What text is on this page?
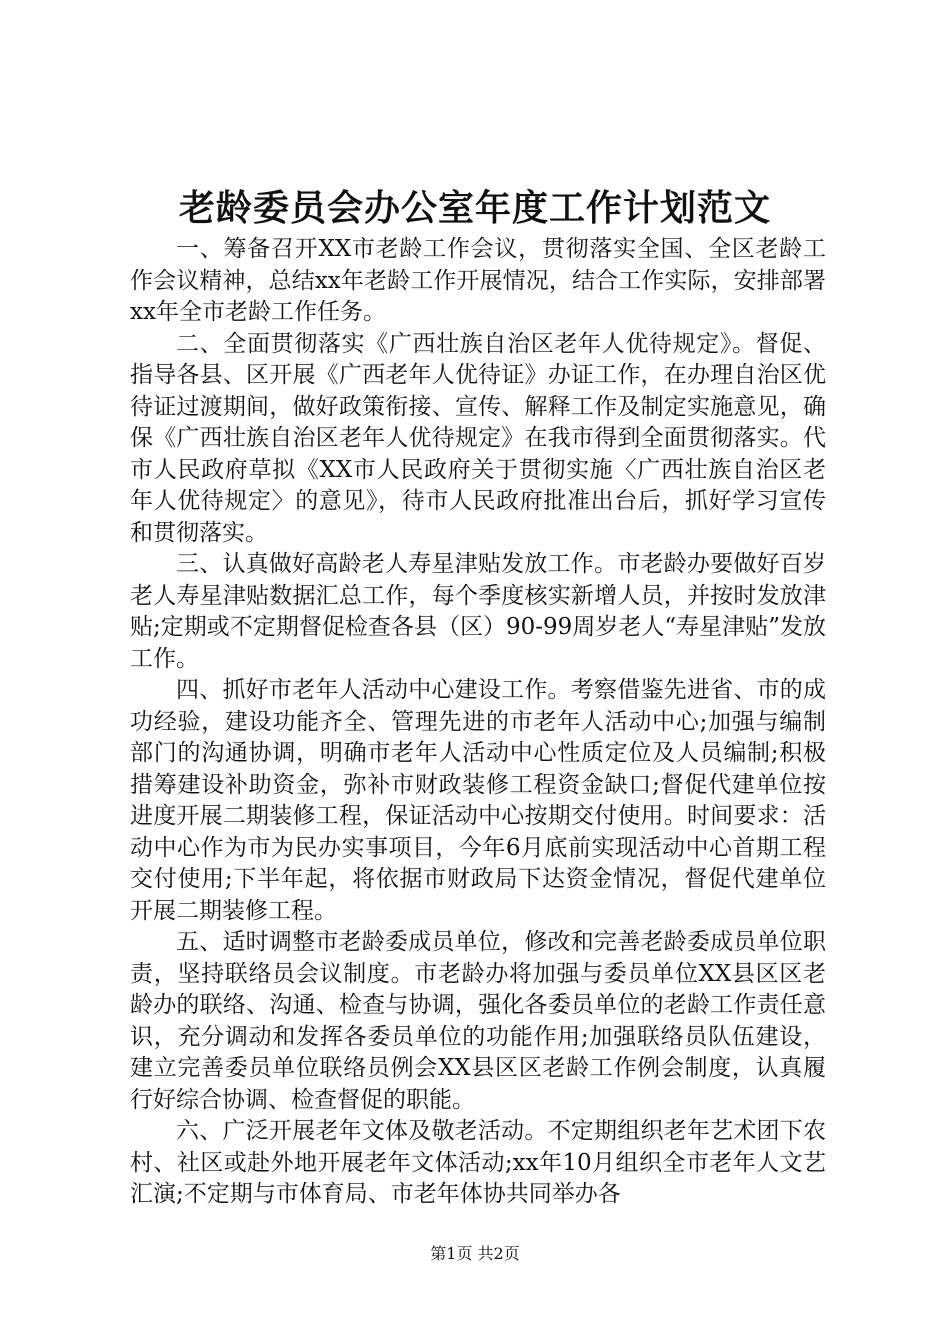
老龄委员会办公室年度工作计划范文

一、筹备召开XX市老龄工作会议，贯彻落实全国、全区老龄工作会议精神，总结xx年老龄工作开展情况，结合工作实际，安排部署xx年全市老龄工作任务。

二、全面贯彻落实《广西壮族自治区老年人优待规定》。督促、指导各县、区开展《广西老年人优待证》办证工作，在办理自治区优待证过渡期间，做好政策衔接、宣传、解释工作及制定实施意见，确保《广西壮族自治区老年人优待规定》在我市得到全面贯彻落实。代市人民政府草拟《XX市人民政府关于贯彻实施〈广西壮族自治区老年人优待规定〉的意见》，待市人民政府批准出台后，抓好学习宣传和贯彻落实。

三、认真做好高龄老人寿星津贴发放工作。市老龄办要做好百岁老人寿星津贴数据汇总工作，每个季度核实新增人员，并按时发放津贴;定期或不定期督促检查各县（区）90-99周岁老人“寿星津贴”发放工作。

四、抓好市老年人活动中心建设工作。考察借鉴先进省、市的成功经验，建设功能齐全、管理先进的市老年人活动中心;加强与编制部门的沟通协调，明确市老年人活动中心性质定位及人员编制;积极措筹建设补助资金，弥补市财政装修工程资金缺口;督促代建单位按进度开展二期装修工程，保证活动中心按期交付使用。时间要求：活动中心作为市为民办实事项目，今年6月底前实现活动中心首期工程交付使用;下半年起，将依据市财政局下达资金情况，督促代建单位开展二期装修工程。

五、适时调整市老龄委成员单位，修改和完善老龄委成员单位职责，坚持联络员会议制度。市老龄办将加强与委员单位XX县区区老龄办的联络、沟通、检查与协调，强化各委员单位的老龄工作责任意识，充分调动和发挥各委员单位的功能作用;加强联络员队伍建设，建立完善委员单位联络员例会XX县区区老龄工作例会制度，认真履行好综合协调、检查督促的职能。

六、广泛开展老年文体及敬老活动。不定期组织老年艺术团下农村、社区或赴外地开展老年文体活动;xx年10月组织全市老年人文艺汇演;不定期与市体育局、市老年体协共同举办各

第1页 共2页
